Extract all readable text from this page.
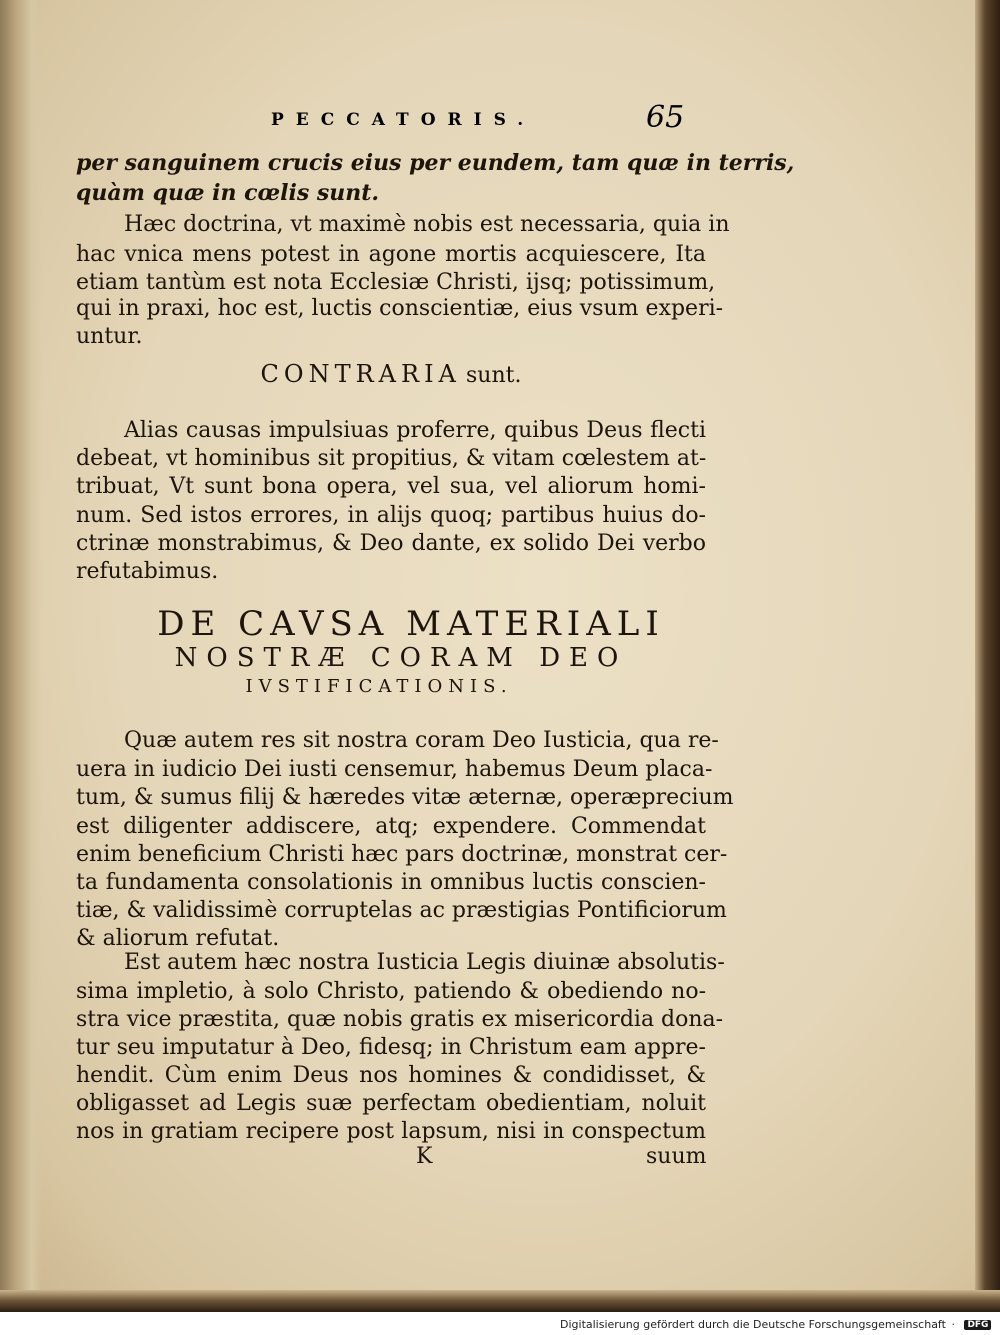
PECCATORIS.	65
per sanguinem crucis eius per eundem, tam quæ in terris,
quàm quæ in cœlis sunt.
Hæc doctrina, vt maximè nobis est necessaria, quia in
hac vnica mens potest in agone mortis acquiescere, Ita
etiam tantùm est nota Ecclesiæ Christi, ijsq; potissimum,
qui in praxi, hoc est, luctis conscientiæ, eius vsum experi-
untur.
CONTRARIA sunt.
Alias causas impulsiuas proferre, quibus Deus flecti
debeat, vt hominibus sit propitius, & vitam cœlestem at-
tribuat, Vt sunt bona opera, vel sua, vel aliorum homi-
num. Sed istos errores, in alijs quoq; partibus huius do-
ctrinæ monstrabimus, & Deo dante, ex solido Dei verbo
refutabimus.
DE CAVSA MATERIALI
NOSTRÆ CORAM DEO
IVSTIFICATIONIS.
Quæ autem res sit nostra coram Deo Iusticia, qua re-
uera in iudicio Dei iusti censemur, habemus Deum placa-
tum, & sumus filij & hæredes vitæ æternæ, operæprecium
est diligenter addiscere, atq; expendere. Commendat
enim beneficium Christi hæc pars doctrinæ, monstrat cer-
ta fundamenta consolationis in omnibus luctis conscien-
tiæ, & validissimè corruptelas ac præstigias Pontificiorum
& aliorum refutat.
Est autem hæc nostra Iusticia Legis diuinæ absolutis-
sima impletio, à solo Christo, patiendo & obediendo no-
stra vice præstita, quæ nobis gratis ex misericordia dona-
tur seu imputatur à Deo, fidesq; in Christum eam appre-
hendit. Cùm enim Deus nos homines & condidisset, &
obligasset ad Legis suæ perfectam obedientiam, noluit
nos in gratiam recipere post lapsum, nisi in conspectum
K	suum
Digitalisierung gefördert durch die Deutsche Forschungsgemeinschaft · DFG
